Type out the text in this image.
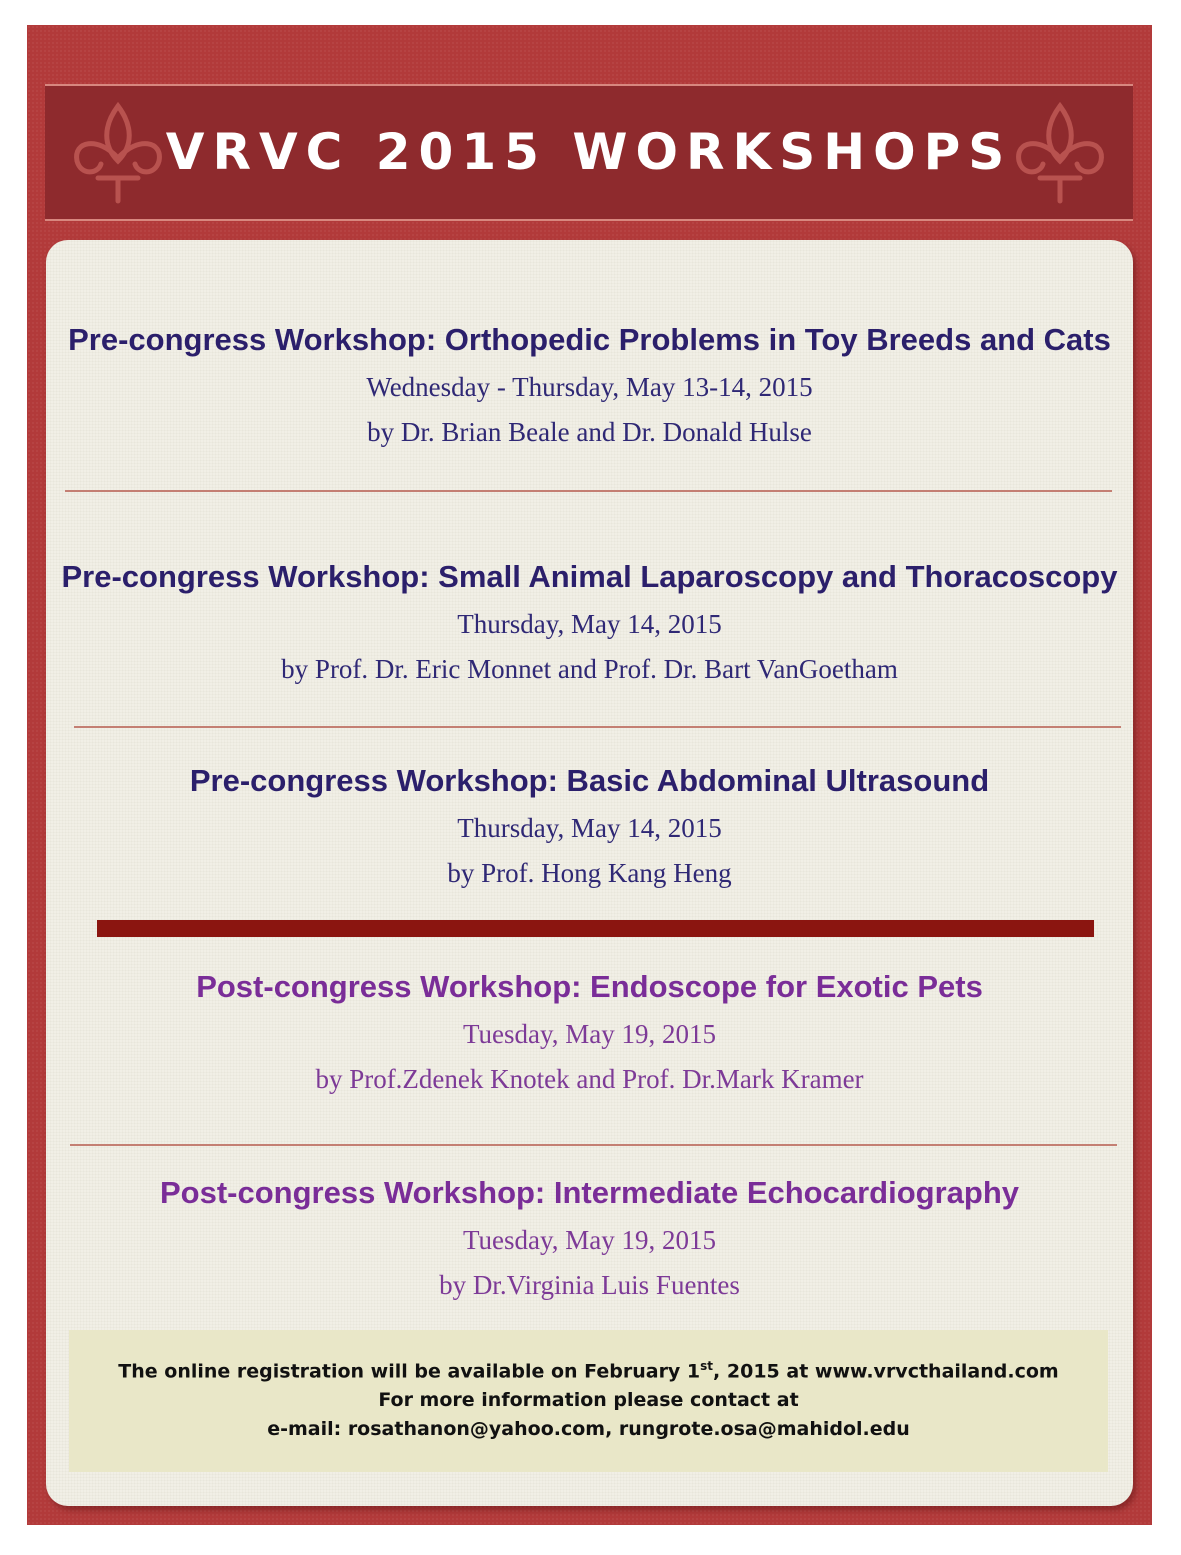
VRVC 2015 WORKSHOPS
Pre-congress Workshop: Orthopedic Problems in Toy Breeds and Cats
Wednesday - Thursday, May 13-14, 2015
by Dr. Brian Beale and Dr. Donald Hulse
Pre-congress Workshop: Small Animal Laparoscopy and Thoracoscopy
Thursday, May 14, 2015
by Prof. Dr. Eric Monnet and Prof. Dr. Bart VanGoetham
Pre-congress Workshop: Basic Abdominal Ultrasound
Thursday, May 14, 2015
by Prof. Hong Kang Heng
Post-congress Workshop: Endoscope for Exotic Pets
Tuesday, May 19, 2015
by Prof.Zdenek Knotek and Prof. Dr.Mark Kramer
Post-congress Workshop: Intermediate Echocardiography
Tuesday, May 19, 2015
by Dr.Virginia Luis Fuentes
The online registration will be available on February 1st, 2015 at www.vrvcthailand.com
For more information please contact at
e-mail: rosathanon@yahoo.com, rungrote.osa@mahidol.edu
